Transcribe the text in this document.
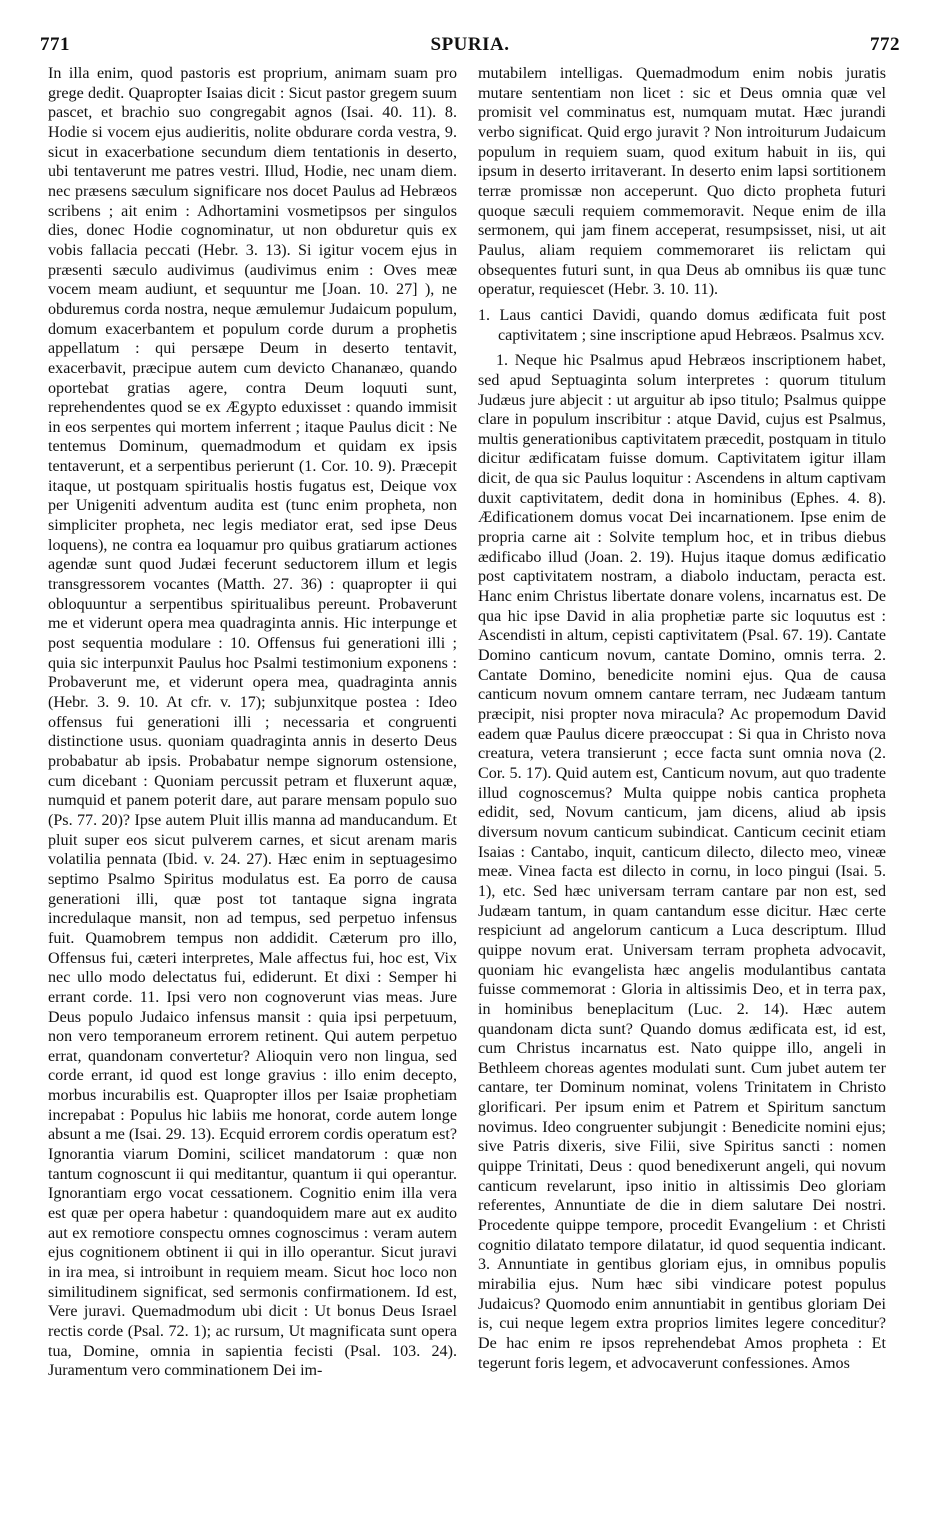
771	SPURIA.	772

In illa enim, quod pastoris est proprium, animam suam pro grege dedit. Quapropter Isaias dicit : Sicut pastor gregem suum pascet, et brachio suo congregabit agnos (Isai. 40. 11). 8. Hodie si vocem ejus audieritis, nolite obdurare corda vestra, 9. sicut in exacerbatione secundum diem tentationis in deserto, ubi tentaverunt me patres vestri. Illud, Hodie, nec unam diem. nec præsens sæculum significare nos docet Paulus ad Hebræos scribens ; ait enim : Adhortamini vosmetipsos per singulos dies, donec Hodie cognominatur, ut non obduretur quis ex vobis fallacia peccati (Hebr. 3. 13). Si igitur vocem ejus in præsenti sæculo audivimus (audivimus enim : Oves meæ vocem meam audiunt, et sequuntur me [Joan. 10. 27] ), ne obduremus corda nostra, neque æmulemur Judaicum populum, domum exacerbantem et populum corde durum a prophetis appellatum : qui persæpe Deum in deserto tentavit, exacerbavit, præcipue autem cum devicto Chananæo, quando oportebat gratias agere, contra Deum loquuti sunt, reprehendentes quod se ex Ægypto eduxisset : quando immisit in eos serpentes qui mortem inferrent ; itaque Paulus dicit : Ne tentemus Dominum, quemadmodum et quidam ex ipsis tentaverunt, et a serpentibus perierunt (1. Cor. 10. 9). Præcepit itaque, ut postquam spiritualis hostis fugatus est, Deique vox per Unigeniti adventum audita est (tunc enim propheta, non simpliciter propheta, nec legis mediator erat, sed ipse Deus loquens), ne contra ea loquamur pro quibus gratiarum actiones agendæ sunt quod Judæi fecerunt seductorem illum et legis transgressorem vocantes (Matth. 27. 36) : quapropter ii qui obloquuntur a serpentibus spiritualibus pereunt. Probaverunt me et viderunt opera mea quadraginta annis. Hic interpunge et post sequentia modulare : 10. Offensus fui generationi illi ; quia sic interpunxit Paulus hoc Psalmi testimonium exponens : Probaverunt me, et viderunt opera mea, quadraginta annis (Hebr. 3. 9. 10. At cfr. v. 17); subjunxitque postea : Ideo offensus fui generationi illi ; necessaria et congruenti distinctione usus. quoniam quadraginta annis in deserto Deus probabatur ab ipsis. Probabatur nempe signorum ostensione, cum dicebant : Quoniam percussit petram et fluxerunt aquæ, numquid et panem poterit dare, aut parare mensam populo suo (Ps. 77. 20)? Ipse autem Pluit illis manna ad manducandum. Et pluit super eos sicut pulverem carnes, et sicut arenam maris volatilia pennata (Ibid. v. 24. 27). Hæc enim in septuagesimo septimo Psalmo Spiritus modulatus est. Ea porro de causa generationi illi, quæ post tot tantaque signa ingrata incredulaque mansit, non ad tempus, sed perpetuo infensus fuit. Quamobrem tempus non addidit. Cæterum pro illo, Offensus fui, cæteri interpretes, Male affectus fui, hoc est, Vix nec ullo modo delectatus fui, ediderunt. Et dixi : Semper hi errant corde. 11. Ipsi vero non cognoverunt vias meas. Jure Deus populo Judaico infensus mansit : quia ipsi perpetuum, non vero temporaneum errorem retinent. Qui autem perpetuo errat, quandonam convertetur? Alioquin vero non lingua, sed corde errant, id quod est longe gravius : illo enim decepto, morbus incurabilis est. Quapropter illos per Isaiæ prophetiam increpabat : Populus hic labiis me honorat, corde autem longe absunt a me (Isai. 29. 13). Ecquid errorem cordis operatum est? Ignorantia viarum Domini, scilicet mandatorum : quæ non tantum cognoscunt ii qui meditantur, quantum ii qui operantur. Ignorantiam ergo vocat cessationem. Cognitio enim illa vera est quæ per opera habetur : quandoquidem mare aut ex audito aut ex remotiore conspectu omnes cognoscimus : veram autem ejus cognitionem obtinent ii qui in illo operantur. Sicut juravi in ira mea, si introibunt in requiem meam. Sicut hoc loco non similitudinem significat, sed sermonis confirmationem. Id est, Vere juravi. Quemadmodum ubi dicit : Ut bonus Deus Israel rectis corde (Psal. 72. 1); ac rursum, Ut magnificata sunt opera tua, Domine, omnia in sapientia fecisti (Psal. 103. 24). Juramentum vero comminationem Dei im-

mutabilem intelligas. Quemadmodum enim nobis juratis mutare sententiam non licet : sic et Deus omnia quæ vel promisit vel comminatus est, numquam mutat. Hæc jurandi verbo significat. Quid ergo juravit ? Non introiturum Judaicum populum in requiem suam, quod exitum habuit in iis, qui ipsum in deserto irritaverant. In deserto enim lapsi sortitionem terræ promissæ non acceperunt. Quo dicto propheta futuri quoque sæculi requiem commemoravit. Neque enim de illa sermonem, qui jam finem acceperat, resumpsisset, nisi, ut ait Paulus, aliam requiem commemoraret iis relictam qui obsequentes futuri sunt, in qua Deus ab omnibus iis quæ tunc operatur, requiescet (Hebr. 3. 10. 11).

1. Laus cantici Davidi, quando domus ædificata fuit post captivitatem ; sine inscriptione apud Hebræos. Psalmus xcv.

1. Neque hic Psalmus apud Hebræos inscriptionem habet, sed apud Septuaginta solum interpretes : quorum titulum Judæus jure abjecit : ut arguitur ab ipso titulo; Psalmus quippe clare in populum inscribitur : atque David, cujus est Psalmus, multis generationibus captivitatem præcedit, postquam in titulo dicitur ædificatam fuisse domum. Captivitatem igitur illam dicit, de qua sic Paulus loquitur : Ascendens in altum captivam duxit captivitatem, dedit dona in hominibus (Ephes. 4. 8). Ædificationem domus vocat Dei incarnationem. Ipse enim de propria carne ait : Solvite templum hoc, et in tribus diebus ædificabo illud (Joan. 2. 19). Hujus itaque domus ædificatio post captivitatem nostram, a diabolo inductam, peracta est. Hanc enim Christus libertate donare volens, incarnatus est. De qua hic ipse David in alia prophetiæ parte sic loquutus est : Ascendisti in altum, cepisti captivitatem (Psal. 67. 19). Cantate Domino canticum novum, cantate Domino, omnis terra. 2. Cantate Domino, benedicite nomini ejus. Qua de causa canticum novum omnem cantare terram, nec Judæam tantum præcipit, nisi propter nova miracula? Ac propemodum David eadem quæ Paulus dicere præoccupat : Si qua in Christo nova creatura, vetera transierunt ; ecce facta sunt omnia nova (2. Cor. 5. 17). Quid autem est, Canticum novum, aut quo tradente illud cognoscemus? Multa quippe nobis cantica propheta edidit, sed, Novum canticum, jam dicens, aliud ab ipsis diversum novum canticum subindicat. Canticum cecinit etiam Isaias : Cantabo, inquit, canticum dilecto, dilecto meo, vineæ meæ. Vinea facta est dilecto in cornu, in loco pingui (Isai. 5. 1), etc. Sed hæc universam terram cantare par non est, sed Judæam tantum, in quam cantandum esse dicitur. Hæc certe respiciunt ad angelorum canticum a Luca descriptum. Illud quippe novum erat. Universam terram propheta advocavit, quoniam hic evangelista hæc angelis modulantibus cantata fuisse commemorat : Gloria in altissimis Deo, et in terra pax, in hominibus beneplacitum (Luc. 2. 14). Hæc autem quandonam dicta sunt? Quando domus ædificata est, id est, cum Christus incarnatus est. Nato quippe illo, angeli in Bethleem choreas agentes modulati sunt. Cum jubet autem ter cantare, ter Dominum nominat, volens Trinitatem in Christo glorificari. Per ipsum enim et Patrem et Spiritum sanctum novimus. Ideo congruenter subjungit : Benedicite nomini ejus; sive Patris dixeris, sive Filii, sive Spiritus sancti : nomen quippe Trinitati, Deus : quod benedixerunt angeli, qui novum canticum revelarunt, ipso initio in altissimis Deo gloriam referentes, Annuntiate de die in diem salutare Dei nostri. Procedente quippe tempore, procedit Evangelium : et Christi cognitio dilatato tempore dilatatur, id quod sequentia indicant. 3. Annuntiate in gentibus gloriam ejus, in omnibus populis mirabilia ejus. Num hæc sibi vindicare potest populus Judaicus? Quomodo enim annuntiabit in gentibus gloriam Dei is, cui neque legem extra proprios limites legere conceditur? De hac enim re ipsos reprehendebat Amos propheta : Et tegerunt foris legem, et advocaverunt confessiones. Amos
